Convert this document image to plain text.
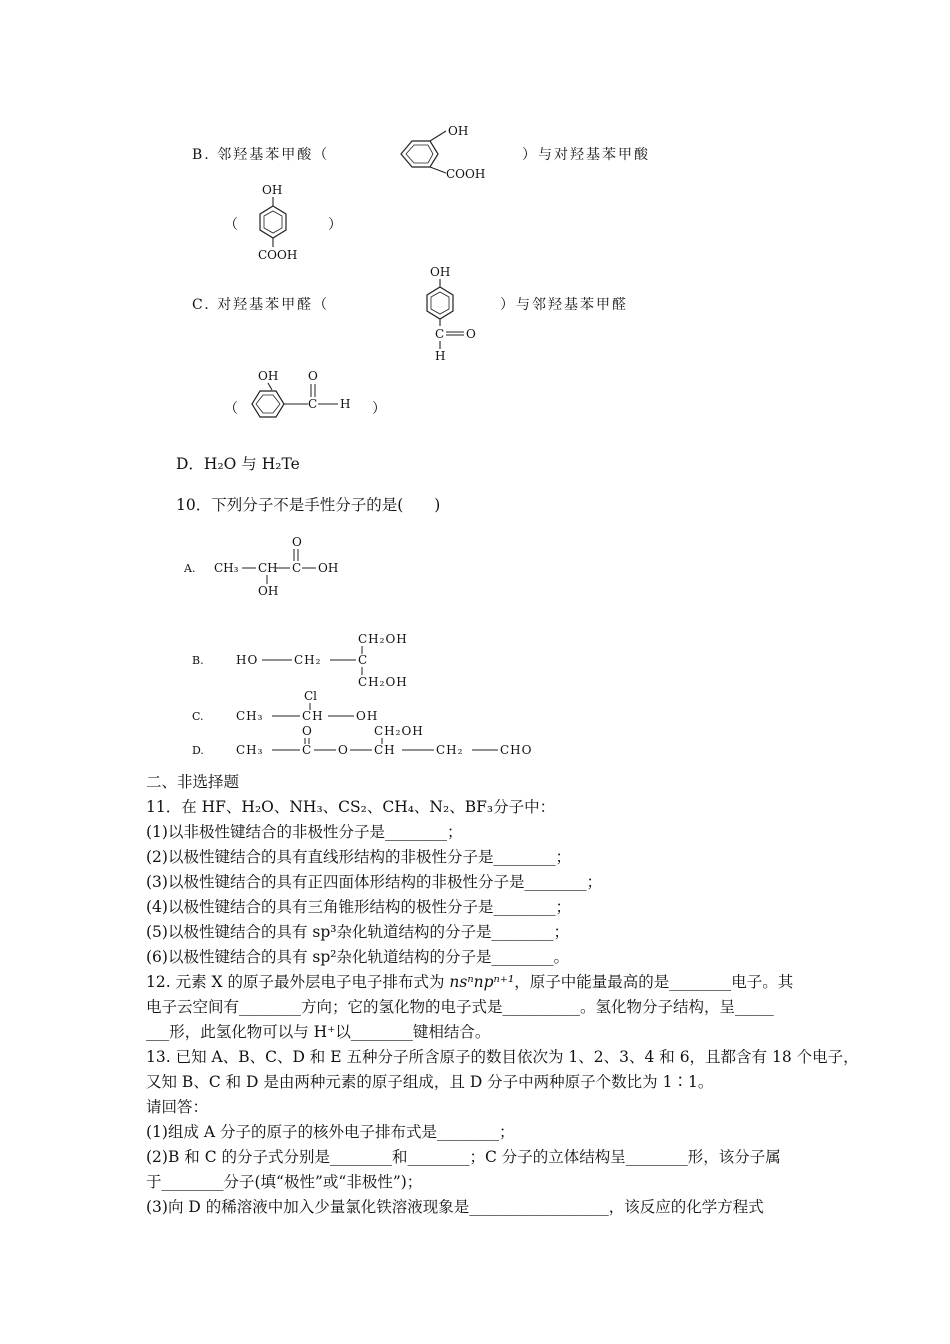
B. 邻羟基苯甲酸（
OH
COOH
）与对羟基苯甲酸
（
OH
COOH
）
C. 对羟基苯甲醛（
OH
C O
H
）与邻羟基苯甲醛
（
OH O
C H ）
D．H₂O 与 H₂Te
10．下列分子不是手性分子的是(　　)
A. CH₃ CH
OH
C
O
OH
B.	HO	CH₂	C
CH₂OH
CH₂OH
C.	CH₃	CH
Cl
OH
D.	CH₃	C
O
O CH
CH₂OH
CH₂	CHO
二、非选择题
11．在 HF、H₂O、NH₃、CS₂、CH₄、N₂、BF₃分子中：
(1)以非极性键结合的非极性分子是________；
(2)以极性键结合的具有直线形结构的非极性分子是________；
(3)以极性键结合的具有正四面体形结构的非极性分子是________；
(4)以极性键结合的具有三角锥形结构的极性分子是________；
(5)以极性键结合的具有 sp³杂化轨道结构的分子是________；
(6)以极性键结合的具有 sp²杂化轨道结构的分子是________。
12. 元素 X 的原子最外层电子电子排布式为 nsⁿnpⁿ⁺¹，原子中能量最高的是________电子。其
电子云空间有________方向；它的氢化物的电子式是__________。氢化物分子结构，呈_____
___形，此氢化物可以与 H⁺以________键相结合。
13. 已知 A、B、C、D 和 E 五种分子所含原子的数目依次为 1、2、3、4 和 6，且都含有 18 个电子，
又知 B、C 和 D 是由两种元素的原子组成，且 D 分子中两种原子个数比为 1∶1。
请回答：
(1)组成 A 分子的原子的核外电子排布式是________；
(2)B 和 C 的分子式分别是________和________；C 分子的立体结构呈________形，该分子属
于________分子(填“极性”或“非极性”)；
(3)向 D 的稀溶液中加入少量氯化铁溶液现象是__________________，该反应的化学方程式
